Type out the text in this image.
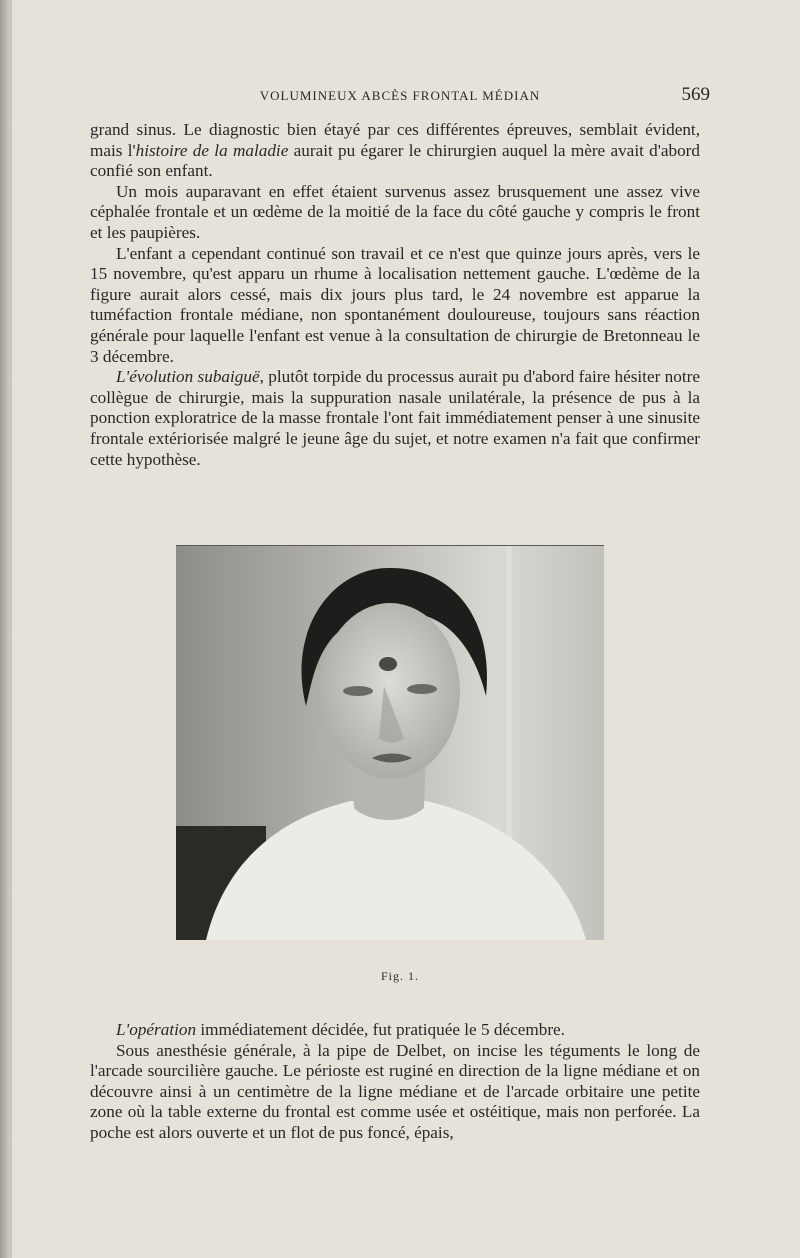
VOLUMINEUX ABCÈS FRONTAL MÉDIAN	569

grand sinus. Le diagnostic bien étayé par ces différentes épreuves, semblait évident, mais l'histoire de la maladie aurait pu égarer le chirurgien auquel la mère avait d'abord confié son enfant.

Un mois auparavant en effet étaient survenus assez brusquement une assez vive céphalée frontale et un œdème de la moitié de la face du côté gauche y compris le front et les paupières.

L'enfant a cependant continué son travail et ce n'est que quinze jours après, vers le 15 novembre, qu'est apparu un rhume à localisation nettement gauche. L'œdème de la figure aurait alors cessé, mais dix jours plus tard, le 24 novembre est apparue la tuméfaction frontale médiane, non spontanément douloureuse, toujours sans réaction générale pour laquelle l'enfant est venue à la consultation de chirurgie de Bretonneau le 3 décembre.

L'évolution subaiguë, plutôt torpide du processus aurait pu d'abord faire hésiter notre collègue de chirurgie, mais la suppuration nasale unilatérale, la présence de pus à la ponction exploratrice de la masse frontale l'ont fait immédiatement penser à une sinusite frontale extériorisée malgré le jeune âge du sujet, et notre examen n'a fait que confirmer cette hypothèse.

Fig. 1.

L'opération immédiatement décidée, fut pratiquée le 5 décembre.

Sous anesthésie générale, à la pipe de Delbet, on incise les téguments le long de l'arcade sourcilière gauche. Le périoste est ruginé en direction de la ligne médiane et on découvre ainsi à un centimètre de la ligne médiane et de l'arcade orbitaire une petite zone où la table externe du frontal est comme usée et ostéitique, mais non perforée. La poche est alors ouverte et un flot de pus foncé, épais,
